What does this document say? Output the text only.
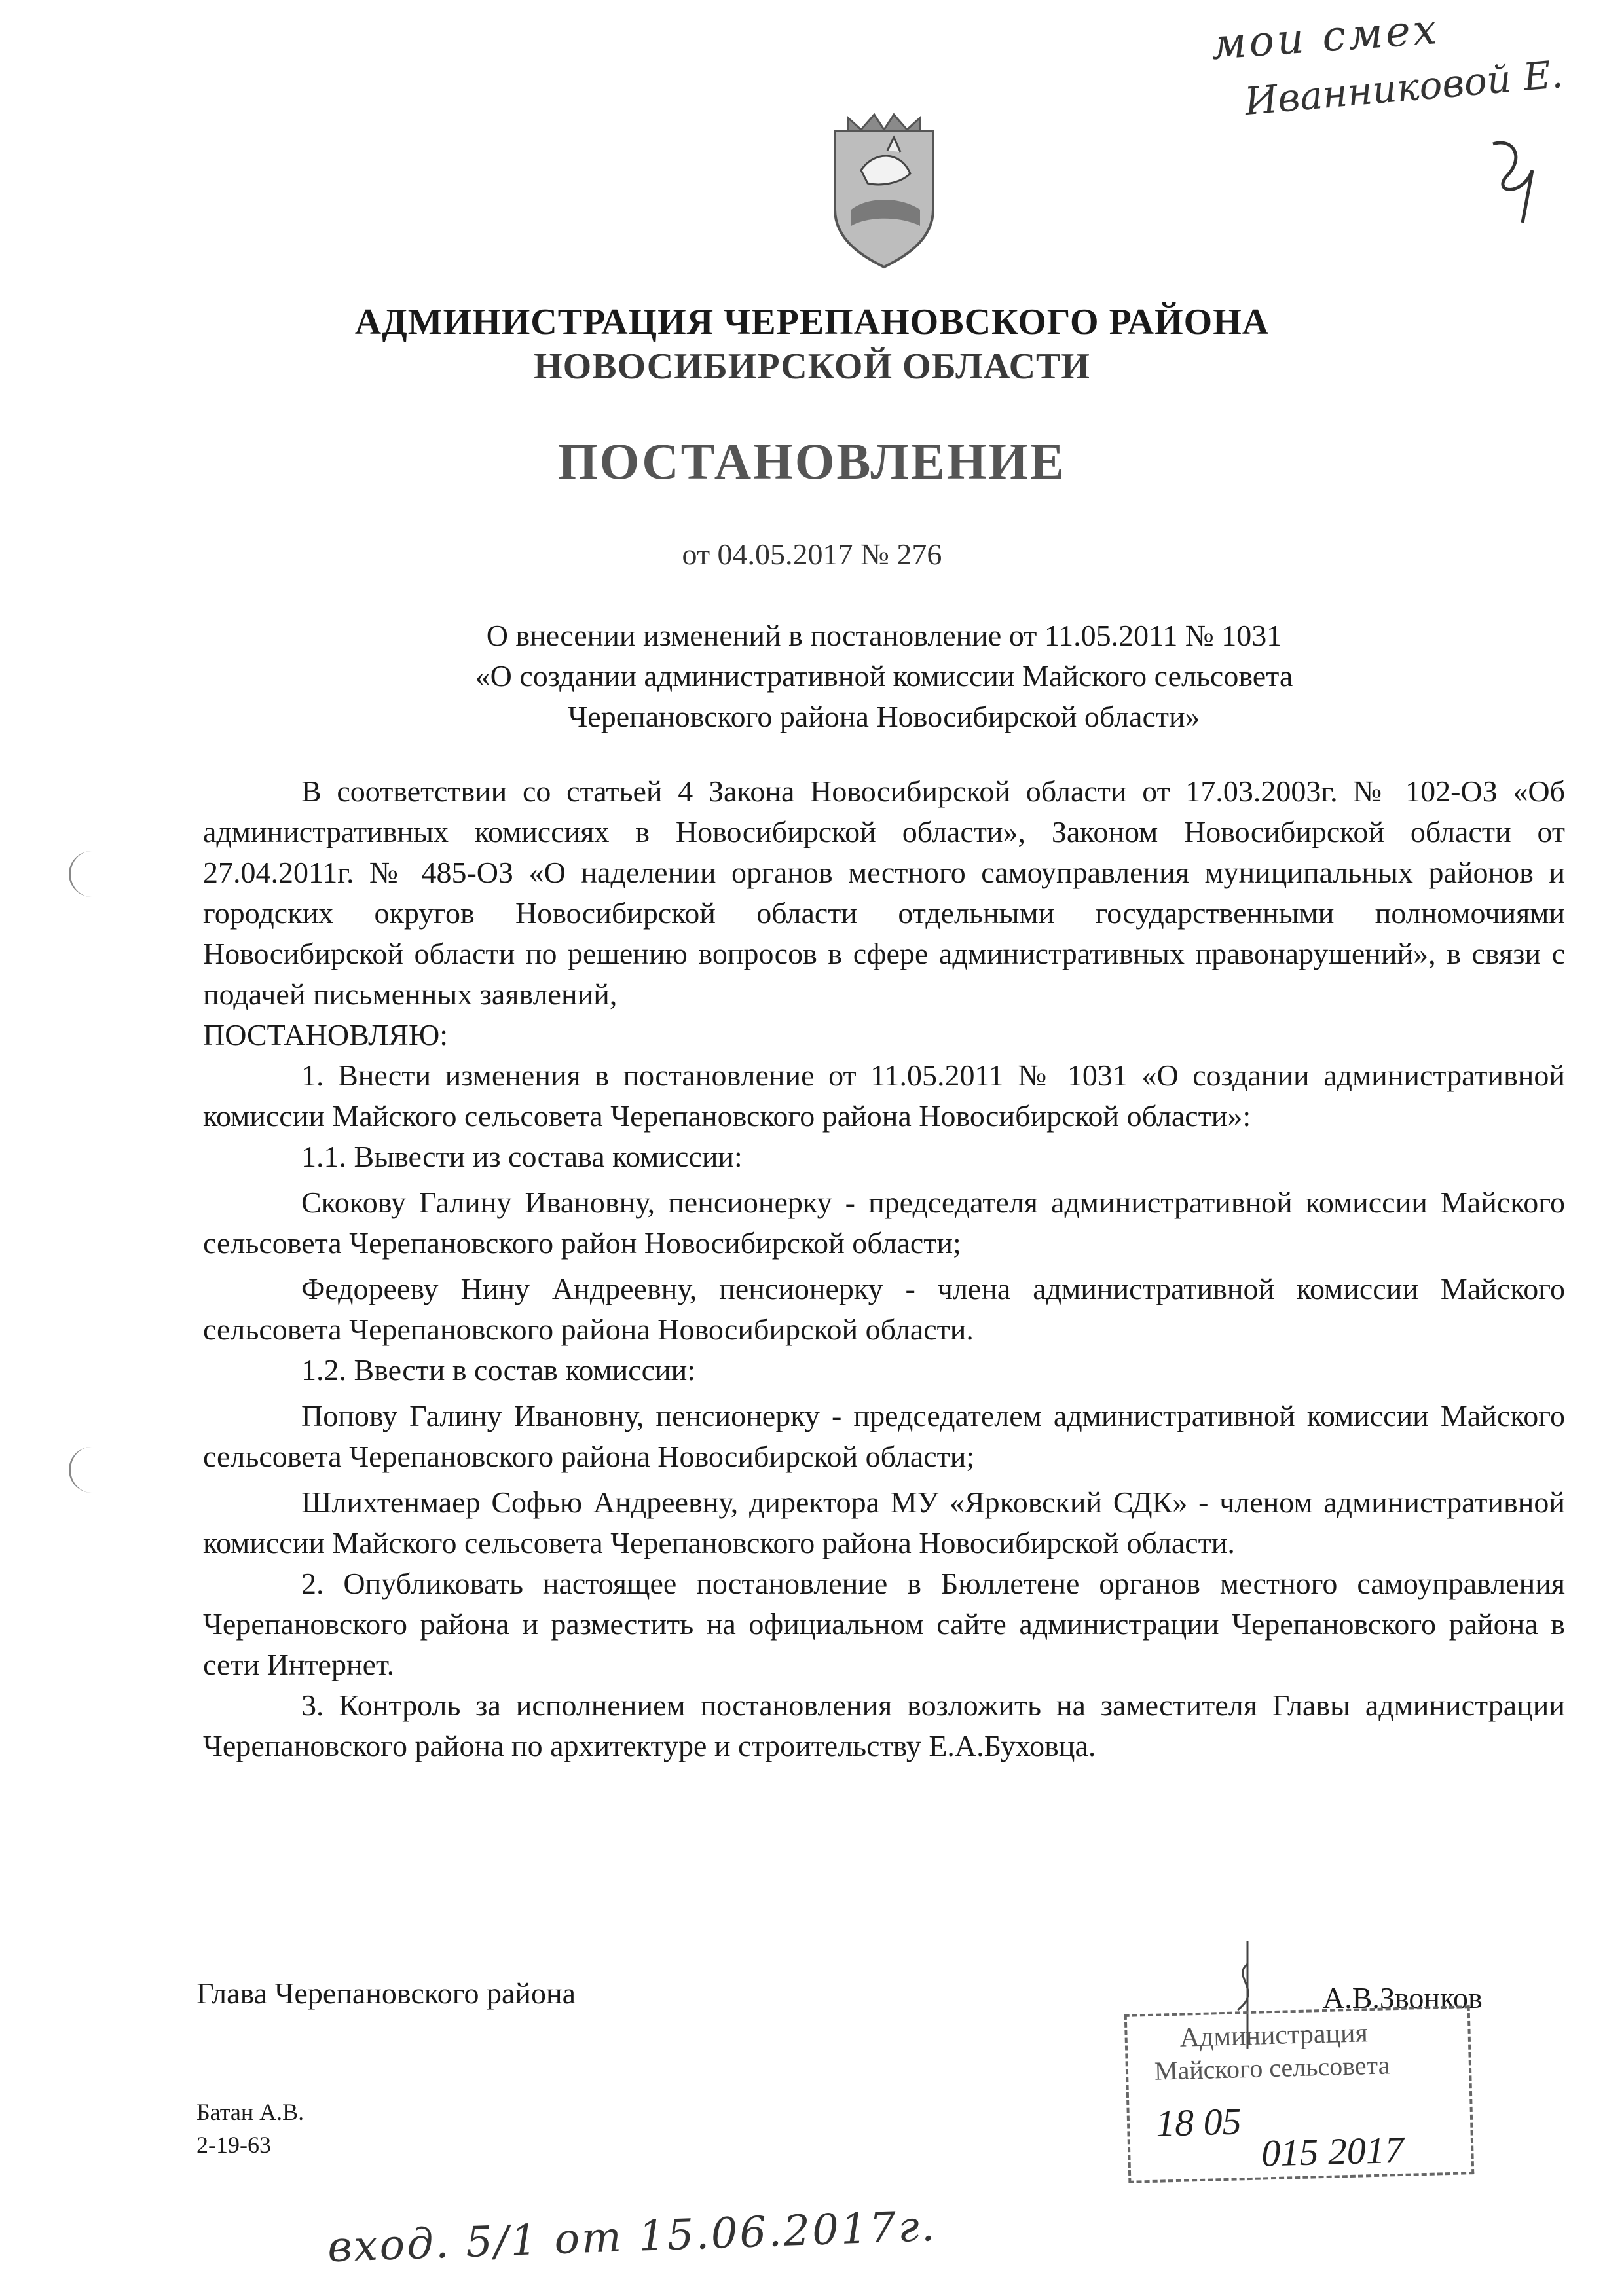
мои смех
Иванниковой Е.
АДМИНИСТРАЦИЯ ЧЕРЕПАНОВСКОГО РАЙОНА
НОВОСИБИРСКОЙ ОБЛАСТИ
ПОСТАНОВЛЕНИЕ
от 04.05.2017 № 276
О внесении изменений в постановление от 11.05.2011 № 1031
«О создании административной комиссии Майского сельсовета
Черепановского района Новосибирской области»

В соответствии со статьей 4 Закона Новосибирской области от 17.03.2003г. № 102-ОЗ «Об административных комиссиях в Новосибирской области», Законом Новосибирской области от 27.04.2011г. № 485-ОЗ «О наделении органов местного самоуправления муниципальных районов и городских округов Новосибирской области отдельными государственными полномочиями Новосибирской области по решению вопросов в сфере административных правонарушений», в связи с подачей письменных заявлений,

ПОСТАНОВЛЯЮ:

1. Внести изменения в постановление от 11.05.2011 № 1031 «О создании административной комиссии Майского сельсовета Черепановского района Новосибирской области»:

1.1. Вывести из состава комиссии:

Скокову Галину Ивановну, пенсионерку - председателя административной комиссии Майского сельсовета Черепановского район Новосибирской области;

Федорееву Нину Андреевну, пенсионерку - члена административной комиссии Майского сельсовета Черепановского района Новосибирской области.

1.2. Ввести в состав комиссии:

Попову Галину Ивановну, пенсионерку - председателем административной комиссии Майского сельсовета Черепановского района Новосибирской области;

Шлихтенмаер Софью Андреевну, директора МУ «Ярковский СДК» - членом административной комиссии Майского сельсовета Черепановского района Новосибирской области.

2. Опубликовать настоящее постановление в Бюллетене органов местного самоуправления Черепановского района и разместить на официальном сайте администрации Черепановского района в сети Интернет.

3. Контроль за исполнением постановления возложить на заместителя Главы администрации Черепановского района по архитектуре и строительству Е.А.Буховца.

Глава Черепановского района	А.В.Звонков
Администрация
Майского сельсовета
18 05
015 2017
Батан А.В.
2-19-63
вход. 5/1 от 15.06.2017г.
